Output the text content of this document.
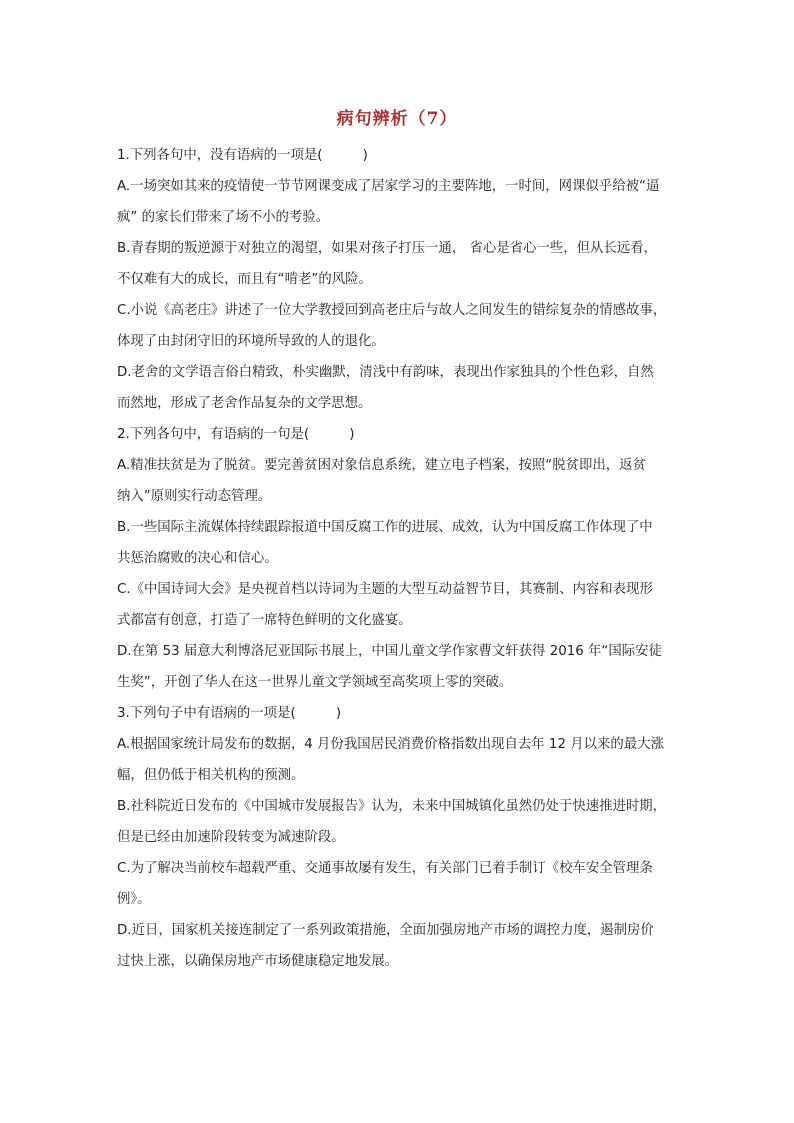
病句辨析（7）
1.下列各句中，没有语病的一项是(　　　)
A.一场突如其来的疫情使一节节网课变成了居家学习的主要阵地，一时间，网课似乎给被“逼
疯” 的家长们带来了场不小的考验。
B.青春期的叛逆源于对独立的渴望，如果对孩子打压一通， 省心是省心一些，但从长远看，
不仅难有大的成长，而且有“啃老”的风险。
C.小说《高老庄》讲述了一位大学教授回到高老庄后与故人之间发生的错综复杂的情感故事，
体现了由封闭守旧的环境所导致的人的退化。
D.老舍的文学语言俗白精致，朴实幽默，清浅中有韵味，表现出作家独具的个性色彩，自然
而然地，形成了老舍作品复杂的文学思想。
2.下列各句中，有语病的一句是(　　　)
A.精准扶贫是为了脱贫。要完善贫困对象信息系统，建立电子档案，按照“脱贫即出，返贫
纳入”原则实行动态管理。
B.一些国际主流媒体持续跟踪报道中国反腐工作的进展、成效，认为中国反腐工作体现了中
共惩治腐败的决心和信心。
C.《中国诗词大会》是央视首档以诗词为主题的大型互动益智节目，其赛制、内容和表现形
式都富有创意，打造了一席特色鲜明的文化盛宴。
D.在第 53 届意大利博洛尼亚国际书展上，中国儿童文学作家曹文轩获得 2016 年“国际安徒
生奖”，开创了华人在这一世界儿童文学领域至高奖项上零的突破。
3.下列句子中有语病的一项是(　　　)
A.根据国家统计局发布的数据，4 月份我国居民消费价格指数出现自去年 12 月以来的最大涨
幅，但仍低于相关机构的预测。
B.社科院近日发布的《中国城市发展报告》认为，未来中国城镇化虽然仍处于快速推进时期，
但是已经由加速阶段转变为减速阶段。
C.为了解决当前校车超载严重、交通事故屡有发生，有关部门已着手制订《校车安全管理条
例》。
D.近日，国家机关接连制定了一系列政策措施，全面加强房地产市场的调控力度，遏制房价
过快上涨，以确保房地产市场健康稳定地发展。
